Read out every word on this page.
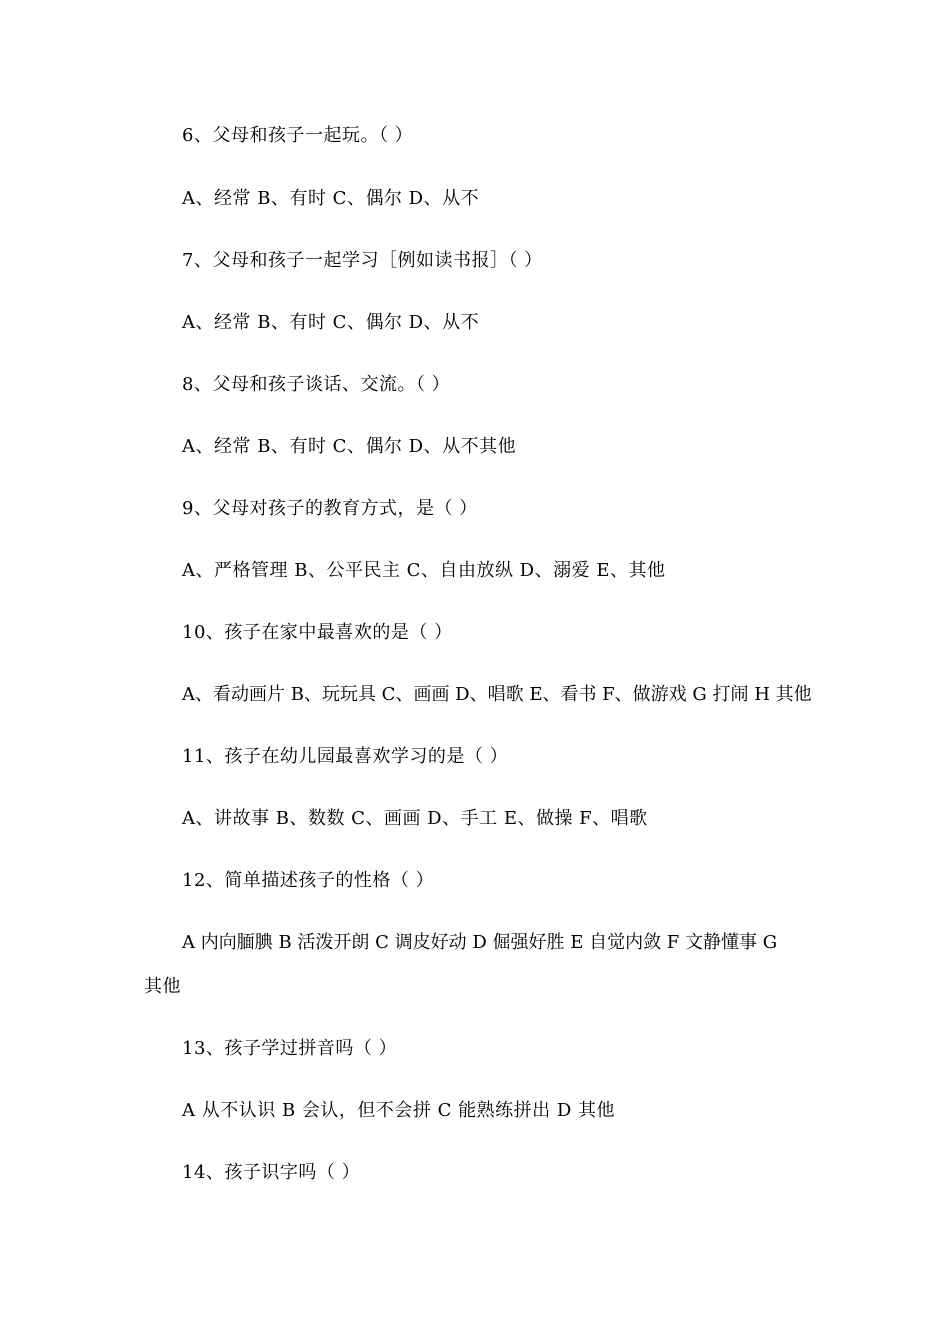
6、父母和孩子一起玩。（ ）
A、经常 B、有时 C、偶尔 D、从不
7、父母和孩子一起学习［例如读书报］（ ）
A、经常 B、有时 C、偶尔 D、从不
8、父母和孩子谈话、交流。（ ）
A、经常 B、有时 C、偶尔 D、从不其他
9、父母对孩子的教育方式，是（ ）
A、严格管理 B、公平民主 C、自由放纵 D、溺爱 E、其他
10、孩子在家中最喜欢的是（ ）
A、看动画片 B、玩玩具 C、画画 D、唱歌 E、看书 F、做游戏 G 打闹 H 其他
11、孩子在幼儿园最喜欢学习的是（ ）
A、讲故事 B、数数 C、画画 D、手工 E、做操 F、唱歌
12、简单描述孩子的性格（ ）
A 内向腼腆 B 活泼开朗 C 调皮好动 D 倔强好胜 E 自觉内敛 F 文静懂事 G
其他
13、孩子学过拼音吗（ ）
A 从不认识 B 会认，但不会拼 C 能熟练拼出 D 其他
14、孩子识字吗（ ）
